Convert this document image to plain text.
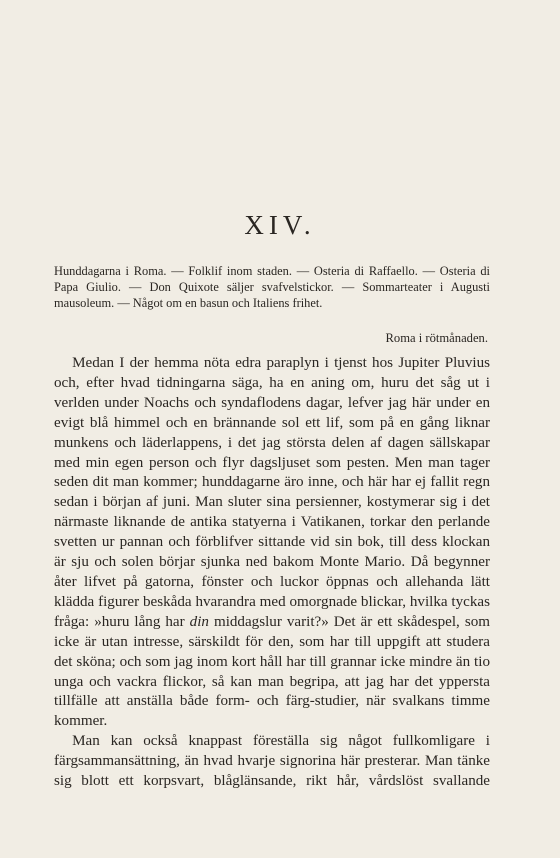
XIV.

Hunddagarna i Roma. — Folklif inom staden. — Osteria di Raffaello. — Osteria di Papa Giulio. — Don Quixote säljer svafvelstickor. — Sommarteater i Augusti mausoleum. — Något om en basun och Italiens frihet.

Roma i rötmånaden.

Medan I der hemma nöta edra paraplyn i tjenst hos Jupiter Pluvius och, efter hvad tidningarna säga, ha en aning om, huru det såg ut i verlden under Noachs och syndaflodens dagar, lefver jag här under en evigt blå himmel och en brännande sol ett lif, som på en gång liknar munkens och läderlappens, i det jag största delen af dagen sällskapar med min egen person och flyr dagsljuset som pesten. Men man tager seden dit man kommer; hunddagarne äro inne, och här har ej fallit regn sedan i början af juni. Man sluter sina persienner, kostymerar sig i det närmaste liknande de antika statyerna i Vatikanen, torkar den perlande svetten ur pannan och förblifver sittande vid sin bok, till dess klockan är sju och solen börjar sjunka ned bakom Monte Mario. Då begynner åter lifvet på gatorna, fönster och luckor öppnas och allehanda lätt klädda figurer beskåda hvarandra med omorgnade blickar, hvilka tyckas fråga: »huru lång har din middagslur varit?» Det är ett skådespel, som icke är utan intresse, särskildt för den, som har till uppgift att studera det sköna; och som jag inom kort håll har till grannar icke mindre än tio unga och vackra flickor, så kan man begripa, att jag har det yppersta tillfälle att anställa både form- och färg-studier, när svalkans timme kommer.

Man kan också knappast föreställa sig något fullkomligare i färgsammansättning, än hvad hvarje signorina här presterar. Man tänke sig blott ett korpsvart, blåglänsande, rikt hår, vårdslöst svallande
